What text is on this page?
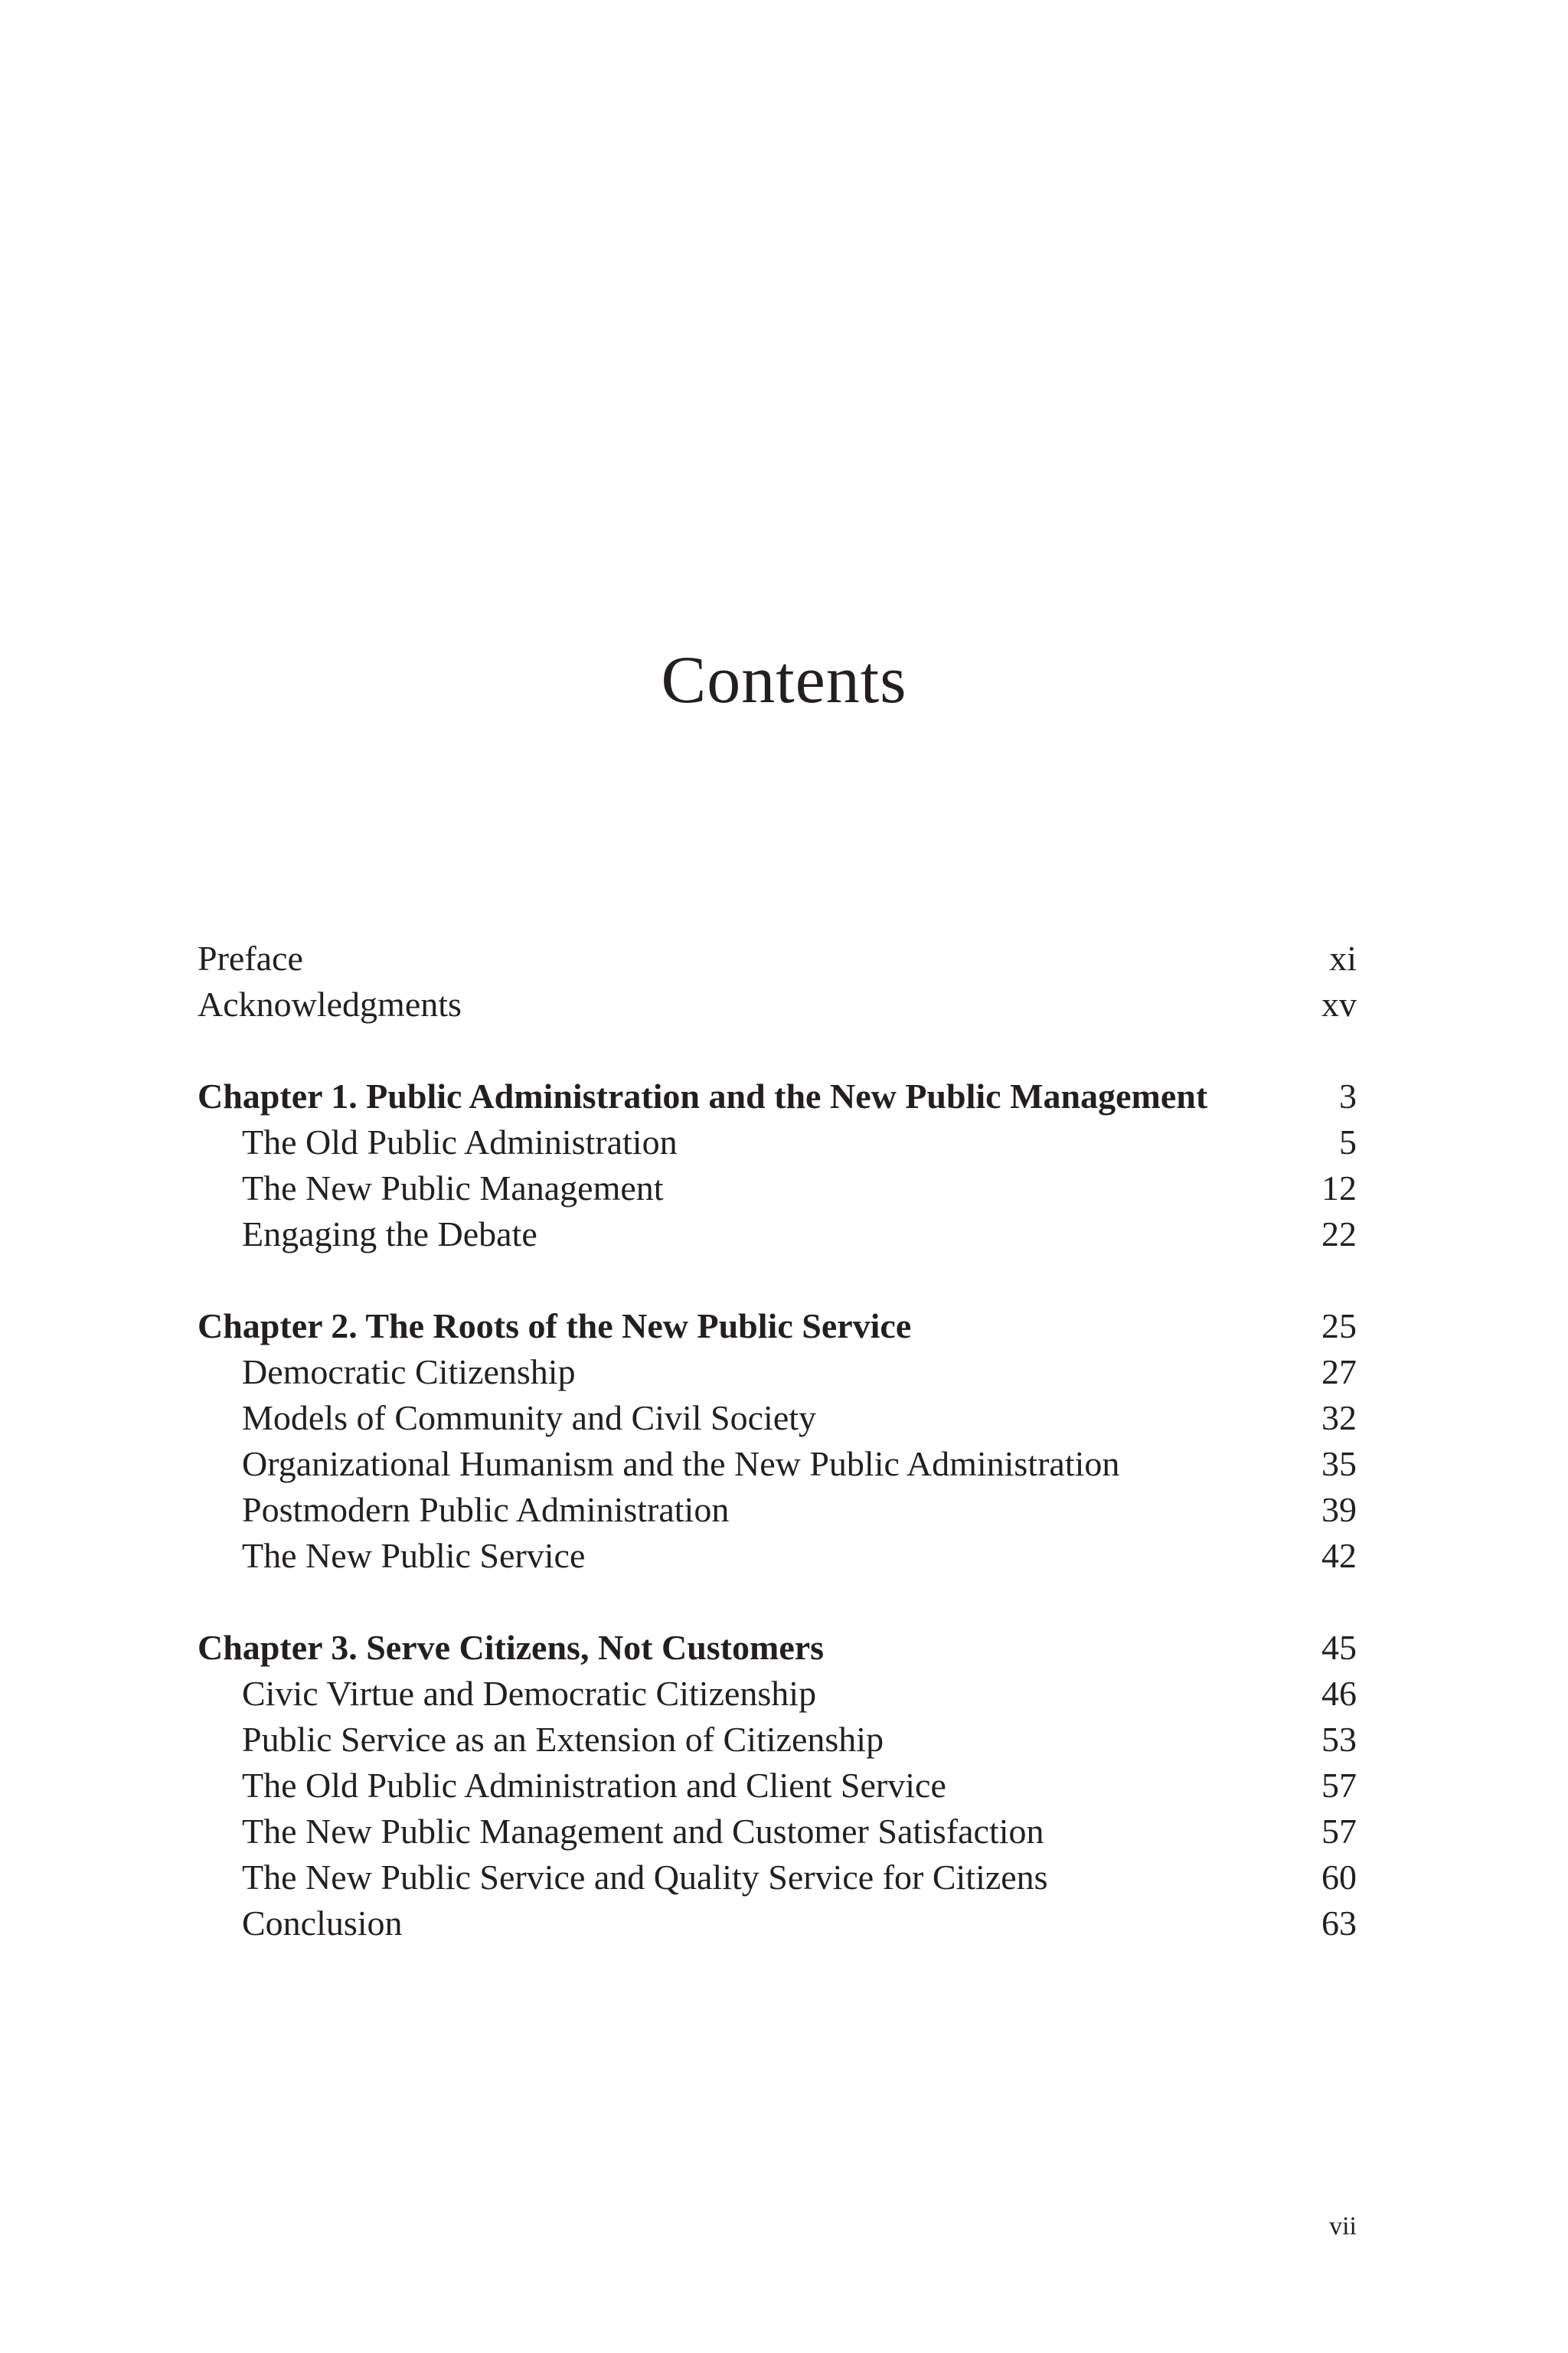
Contents
Preface	xi
Acknowledgments	xv
Chapter 1. Public Administration and the New Public Management	3
The Old Public Administration	5
The New Public Management	12
Engaging the Debate	22
Chapter 2. The Roots of the New Public Service	25
Democratic Citizenship	27
Models of Community and Civil Society	32
Organizational Humanism and the New Public Administration	35
Postmodern Public Administration	39
The New Public Service	42
Chapter 3. Serve Citizens, Not Customers	45
Civic Virtue and Democratic Citizenship	46
Public Service as an Extension of Citizenship	53
The Old Public Administration and Client Service	57
The New Public Management and Customer Satisfaction	57
The New Public Service and Quality Service for Citizens	60
Conclusion	63
vii
